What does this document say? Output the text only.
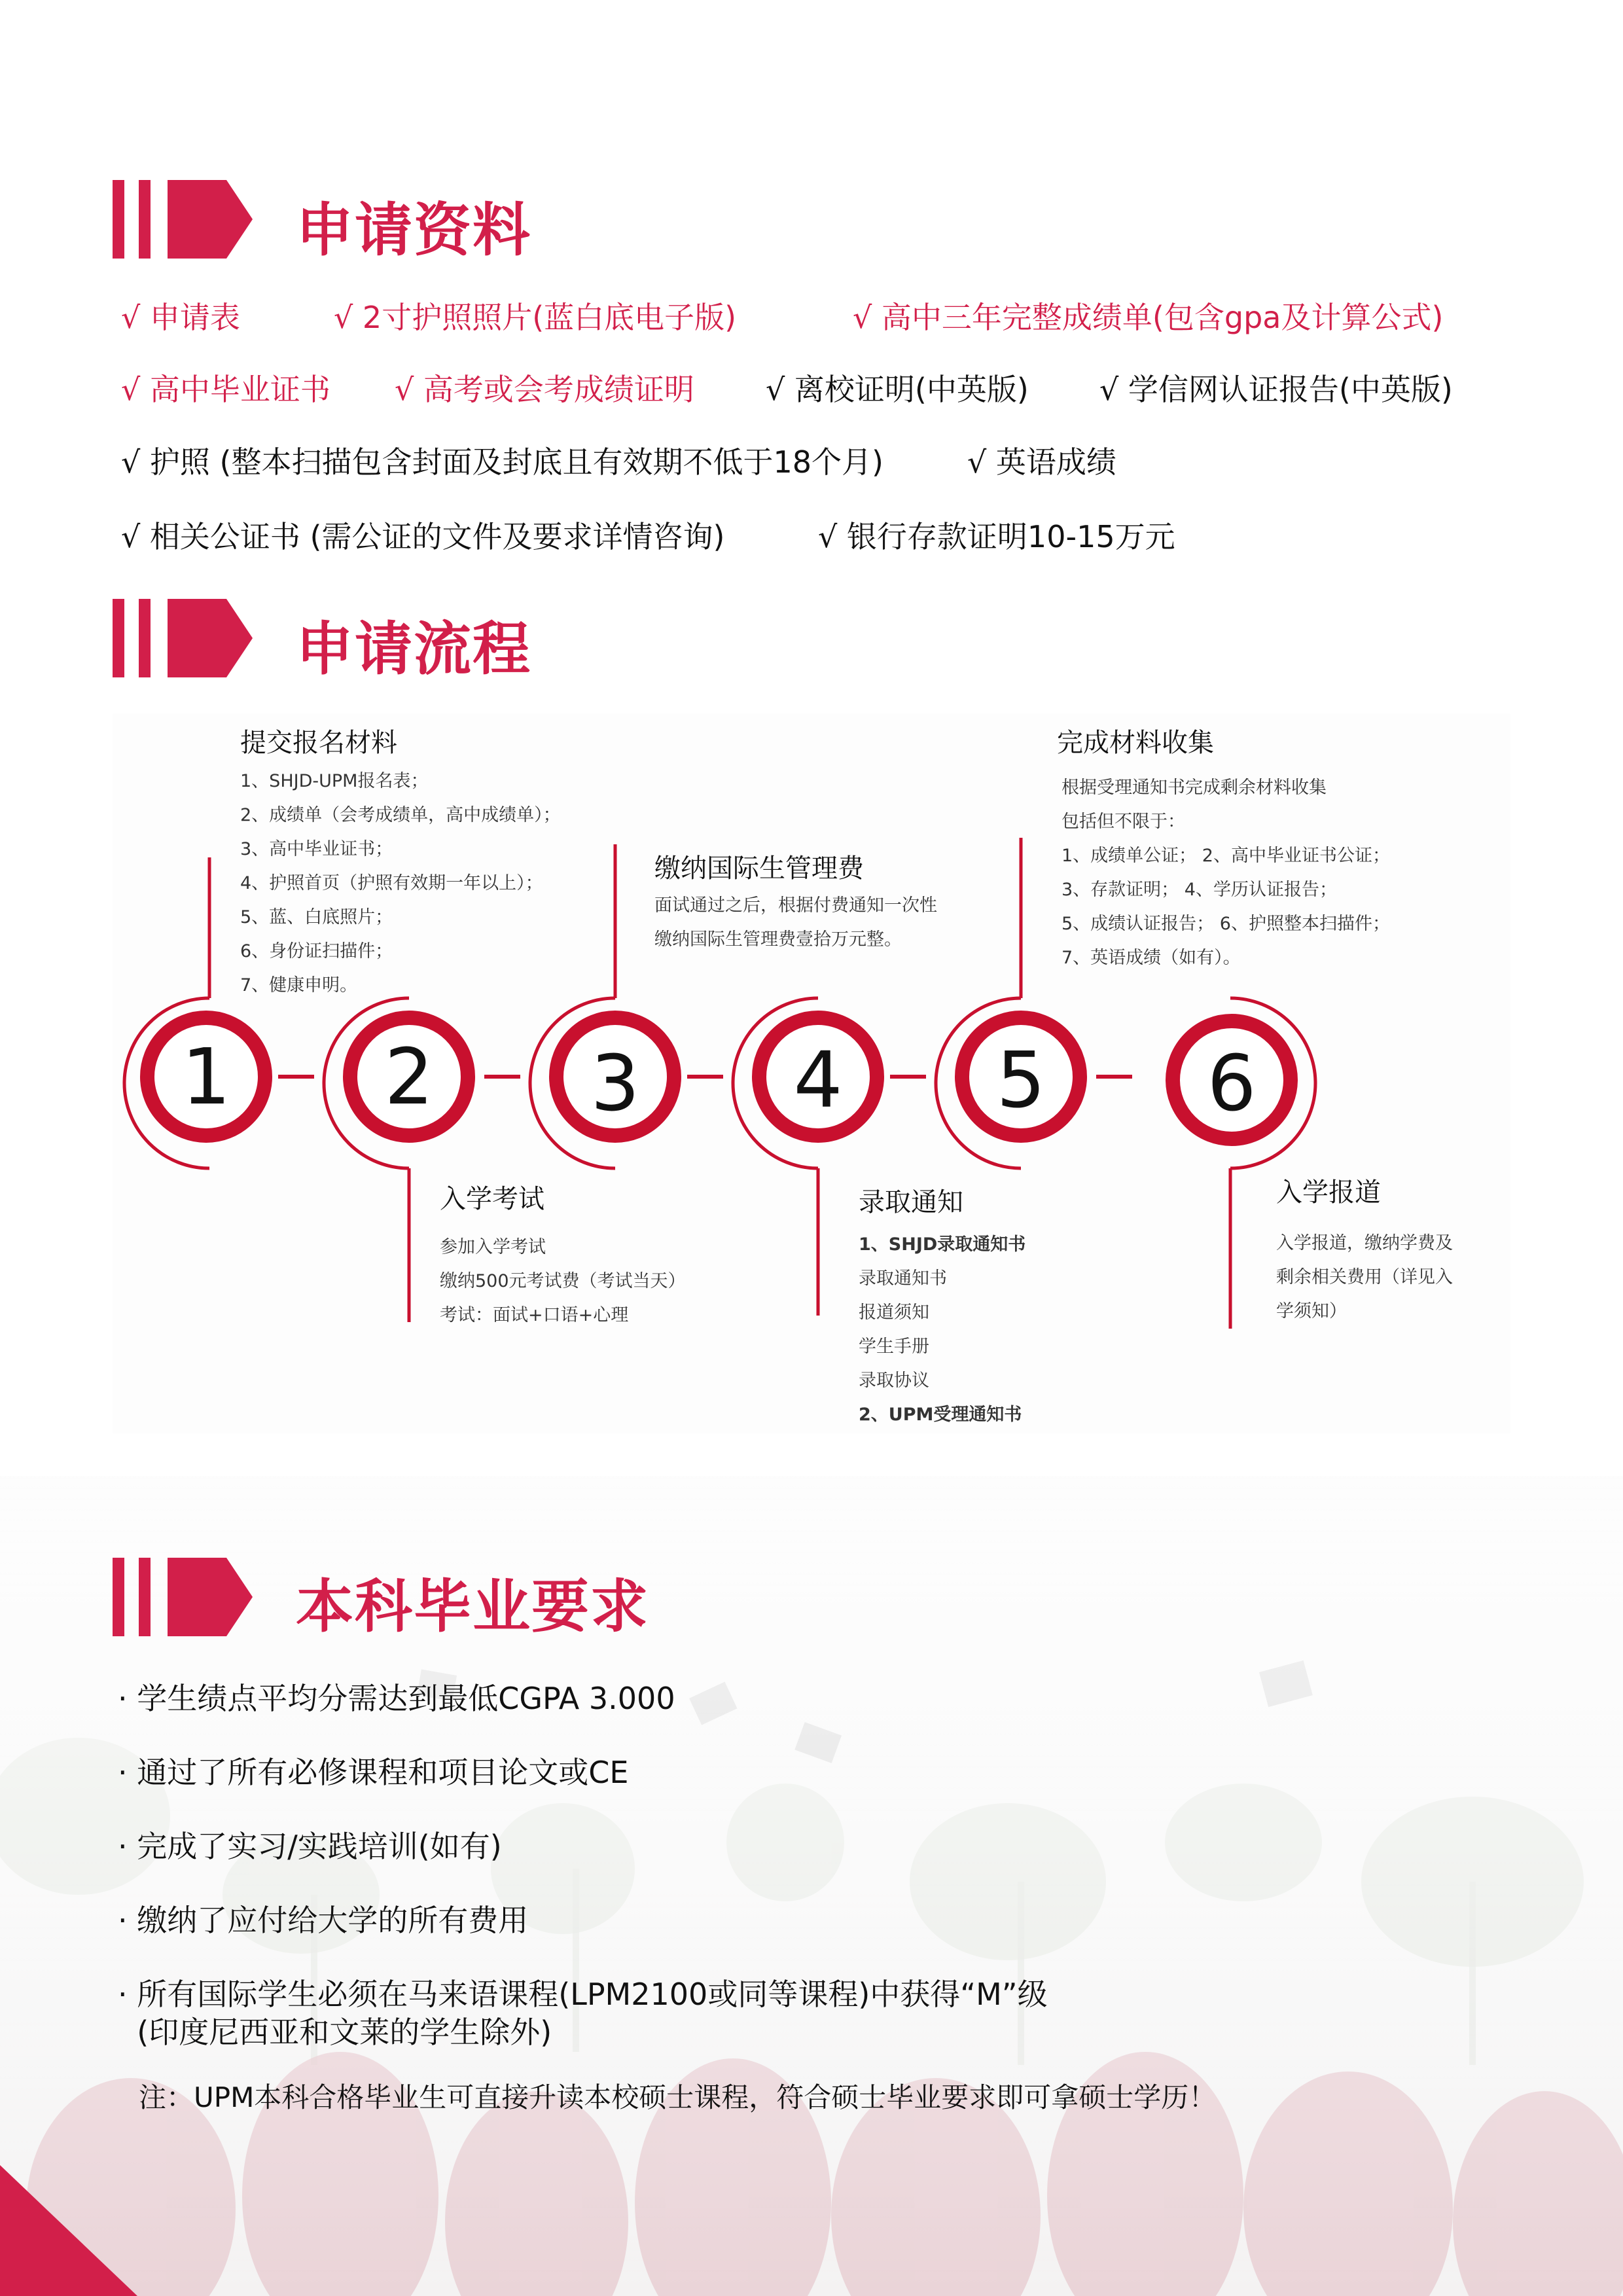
申请资料
√ 申请表	√ 2寸护照照片(蓝白底电子版)	√ 高中三年完整成绩单(包含gpa及计算公式)
√ 高中毕业证书 √ 高考或会考成绩证明 √ 离校证明(中英版) √ 学信网认证报告(中英版)
√ 护照 (整本扫描包含封面及封底且有效期不低于18个月)	√ 英语成绩
√ 相关公证书 (需公证的文件及要求详情咨询)	√ 银行存款证明10-15万元
申请流程
1	2	3	4	5	6
提交报名材料
1、SHJD-UPM报名表；
2、成绩单（会考成绩单，高中成绩单）；
3、高中毕业证书；
4、护照首页（护照有效期一年以上）；
5、蓝、白底照片；
6、身份证扫描件；
7、健康申明。
入学考试
参加入学考试
缴纳500元考试费（考试当天）
考试：面试+口语+心理
缴纳国际生管理费
面试通过之后，根据付费通知一次性
缴纳国际生管理费壹拾万元整。
录取通知
1、SHJD录取通知书
录取通知书
报道须知
学生手册
录取协议
2、UPM受理通知书
完成材料收集
根据受理通知书完成剩余材料收集
包括但不限于：
1、成绩单公证； 2、高中毕业证书公证；
3、存款证明； 4、学历认证报告；
5、成绩认证报告； 6、护照整本扫描件；
7、英语成绩（如有）。
入学报道
入学报道，缴纳学费及
剩余相关费用（详见入
学须知）
本科毕业要求
· 学生绩点平均分需达到最低CGPA 3.000
· 通过了所有必修课程和项目论文或CE
· 完成了实习/实践培训(如有)
· 缴纳了应付给大学的所有费用
· 所有国际学生必须在马来语课程(LPM2100或同等课程)中获得“M”级
(印度尼西亚和文莱的学生除外)
注：UPM本科合格毕业生可直接升读本校硕士课程，符合硕士毕业要求即可拿硕士学历！
